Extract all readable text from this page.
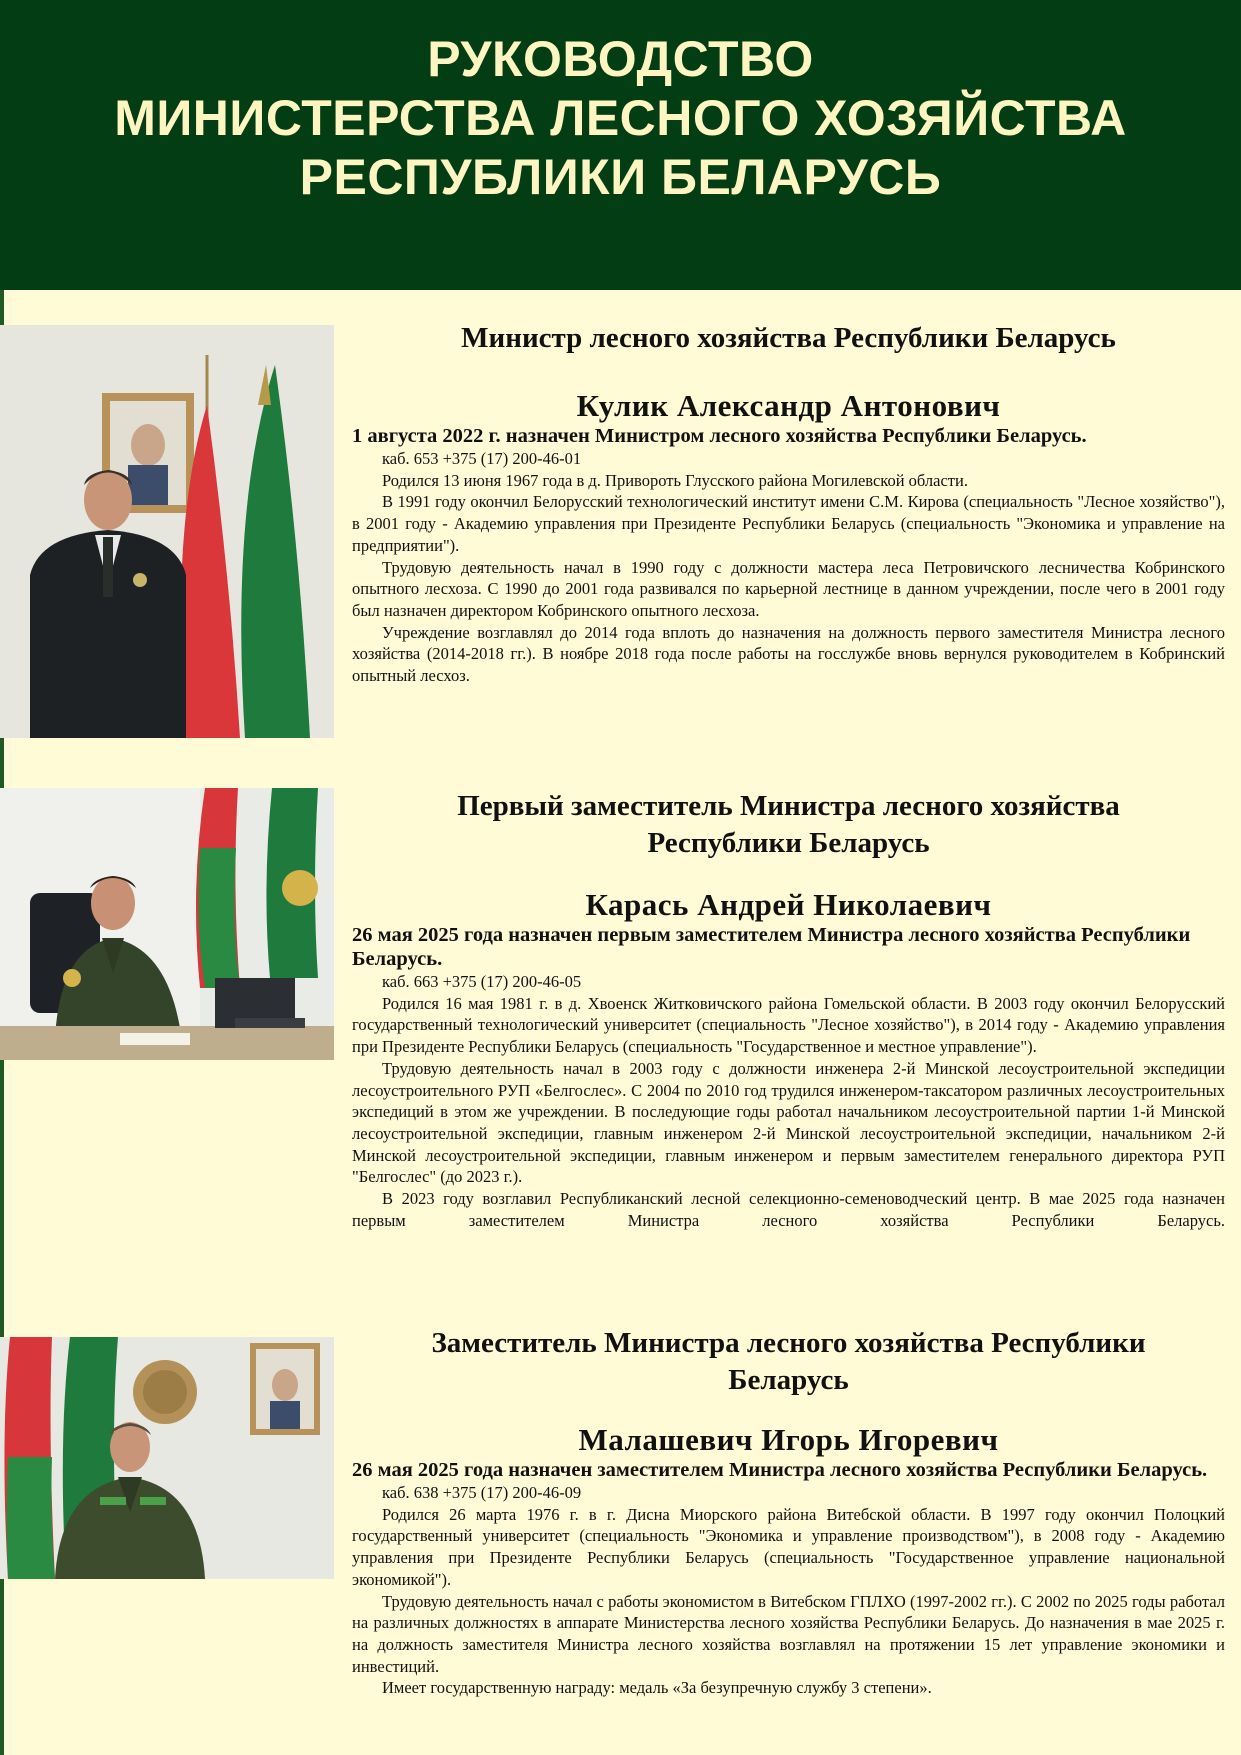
РУКОВОДСТВО
МИНИСТЕРСТВА ЛЕСНОГО ХОЗЯЙСТВА
РЕСПУБЛИКИ БЕЛАРУСЬ
Министр лесного хозяйства Республики Беларусь
Кулик Александр Антонович
1 августа 2022 г. назначен Министром лесного хозяйства Республики Беларусь.
каб. 653 +375 (17) 200-46-01
Родился 13 июня 1967 года в д. Привороть Глусского района Могилевской области.
В 1991 году окончил Белорусский технологический институт имени С.М. Кирова (специальность "Лесное хозяйство"), в 2001 году - Академию управления при Президенте Республики Беларусь (специальность "Экономика и управление на предприятии").
Трудовую деятельность начал в 1990 году с должности мастера леса Петровичского лесничества Кобринского опытного лесхоза. С 1990 до 2001 года развивался по карьерной лестнице в данном учреждении, после чего в 2001 году был назначен директором Кобринского опытного лесхоза.
Учреждение возглавлял до 2014 года вплоть до назначения на должность первого заместителя Министра лесного хозяйства (2014-2018 гг.). В ноябре 2018 года после работы на госслужбе вновь вернулся руководителем в Кобринский опытный лесхоз.
Первый заместитель Министра лесного хозяйства
Республики Беларусь
Карась Андрей Николаевич
26 мая 2025 года назначен первым заместителем Министра лесного хозяйства Республики Беларусь.
каб. 663 +375 (17) 200-46-05
Родился 16 мая 1981 г. в д. Хвоенск Житковичского района Гомельской области. В 2003 году окончил Белорусский государственный технологический университет (специальность "Лесное хозяйство"), в 2014 году - Академию управления при Президенте Республики Беларусь (специальность "Государственное и местное управление").
Трудовую деятельность начал в 2003 году с должности инженера 2-й Минской лесоустроительной экспедиции лесоустроительного РУП «Белгослес». С 2004 по 2010 год трудился инженером-таксатором различных лесоустроительных экспедиций в этом же учреждении. В последующие годы работал начальником лесоустроительной партии 1-й Минской лесоустроительной экспедиции, главным инженером 2-й Минской лесоустроительной экспедиции, начальником 2-й Минской лесоустроительной экспедиции, главным инженером и первым заместителем генерального директора РУП "Белгослес" (до 2023 г.).
В 2023 году возглавил Республиканский лесной селекционно-семеноводческий центр. В мае 2025 года назначен первым заместителем Министра лесного хозяйства Республики Беларусь.
Заместитель Министра лесного хозяйства Республики
Беларусь
Малашевич Игорь Игоревич
26 мая 2025 года назначен заместителем Министра лесного хозяйства Республики Беларусь.
каб. 638 +375 (17) 200-46-09
Родился 26 марта 1976 г. в г. Дисна Миорского района Витебской области. В 1997 году окончил Полоцкий государственный университет (специальность "Экономика и управление производством"), в 2008 году - Академию управления при Президенте Республики Беларусь (специальность "Государственное управление национальной экономикой").
Трудовую деятельность начал с работы экономистом в Витебском ГПЛХО (1997-2002 гг.). С 2002 по 2025 годы работал на различных должностях в аппарате Министерства лесного хозяйства Республики Беларусь. До назначения в мае 2025 г. на должность заместителя Министра лесного хозяйства возглавлял на протяжении 15 лет управление экономики и инвестиций.
Имеет государственную награду: медаль «За безупречную службу 3 степени».
